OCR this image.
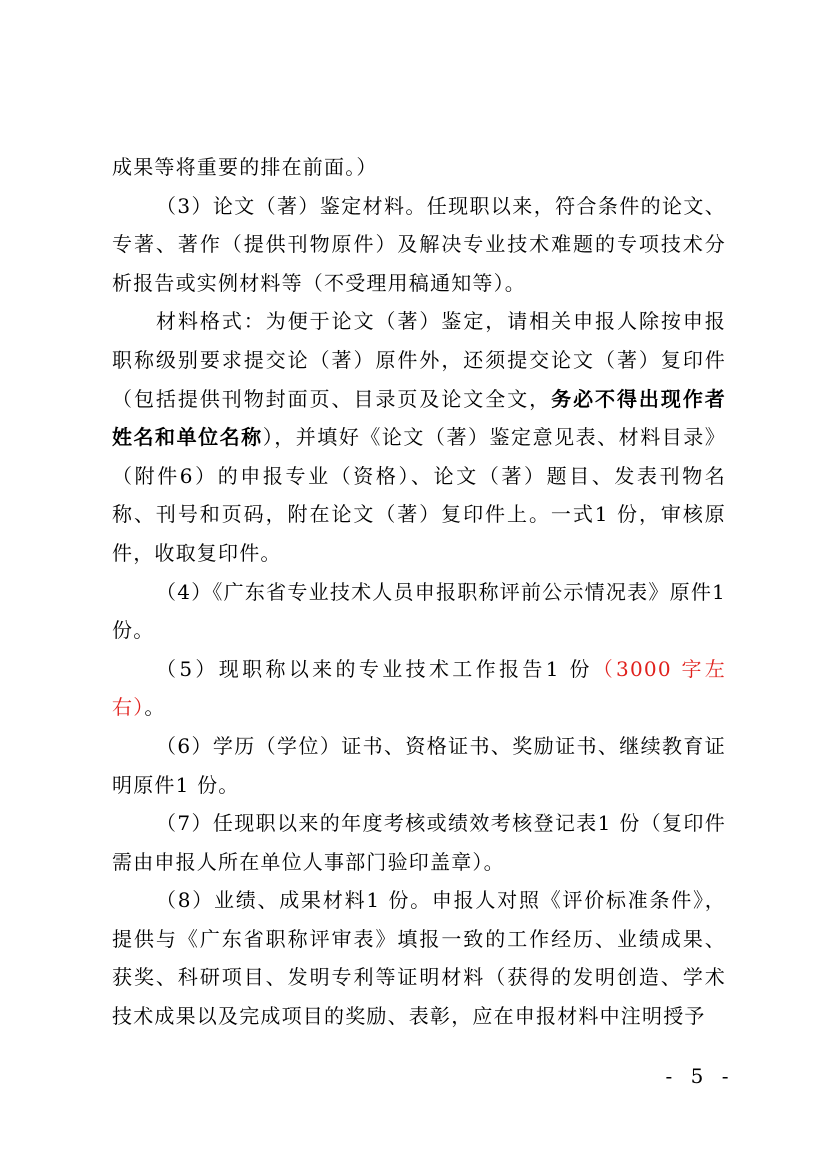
成果等将重要的排在前面。）

（3）论文（著）鉴定材料。任现职以来，符合条件的论文、专著、著作（提供刊物原件）及解决专业技术难题的专项技术分析报告或实例材料等（不受理用稿通知等）。

材料格式：为便于论文（著）鉴定，请相关申报人除按申报职称级别要求提交论（著）原件外，还须提交论文（著）复印件（包括提供刊物封面页、目录页及论文全文，务必不得出现作者姓名和单位名称），并填好《论文（著）鉴定意见表、材料目录》（附件6）的申报专业（资格）、论文（著）题目、发表刊物名称、刊号和页码，附在论文（著）复印件上。一式1 份，审核原件，收取复印件。

（4）《广东省专业技术人员申报职称评前公示情况表》原件1 份。

（5）现职称以来的专业技术工作报告1 份（3000 字左右）。

（6）学历（学位）证书、资格证书、奖励证书、继续教育证明原件1 份。

（7）任现职以来的年度考核或绩效考核登记表1 份（复印件需由申报人所在单位人事部门验印盖章）。

（8）业绩、成果材料1 份。申报人对照《评价标准条件》，提供与《广东省职称评审表》填报一致的工作经历、业绩成果、获奖、科研项目、发明专利等证明材料（获得的发明创造、学术技术成果以及完成项目的奖励、表彰，应在申报材料中注明授予

- 5 -
